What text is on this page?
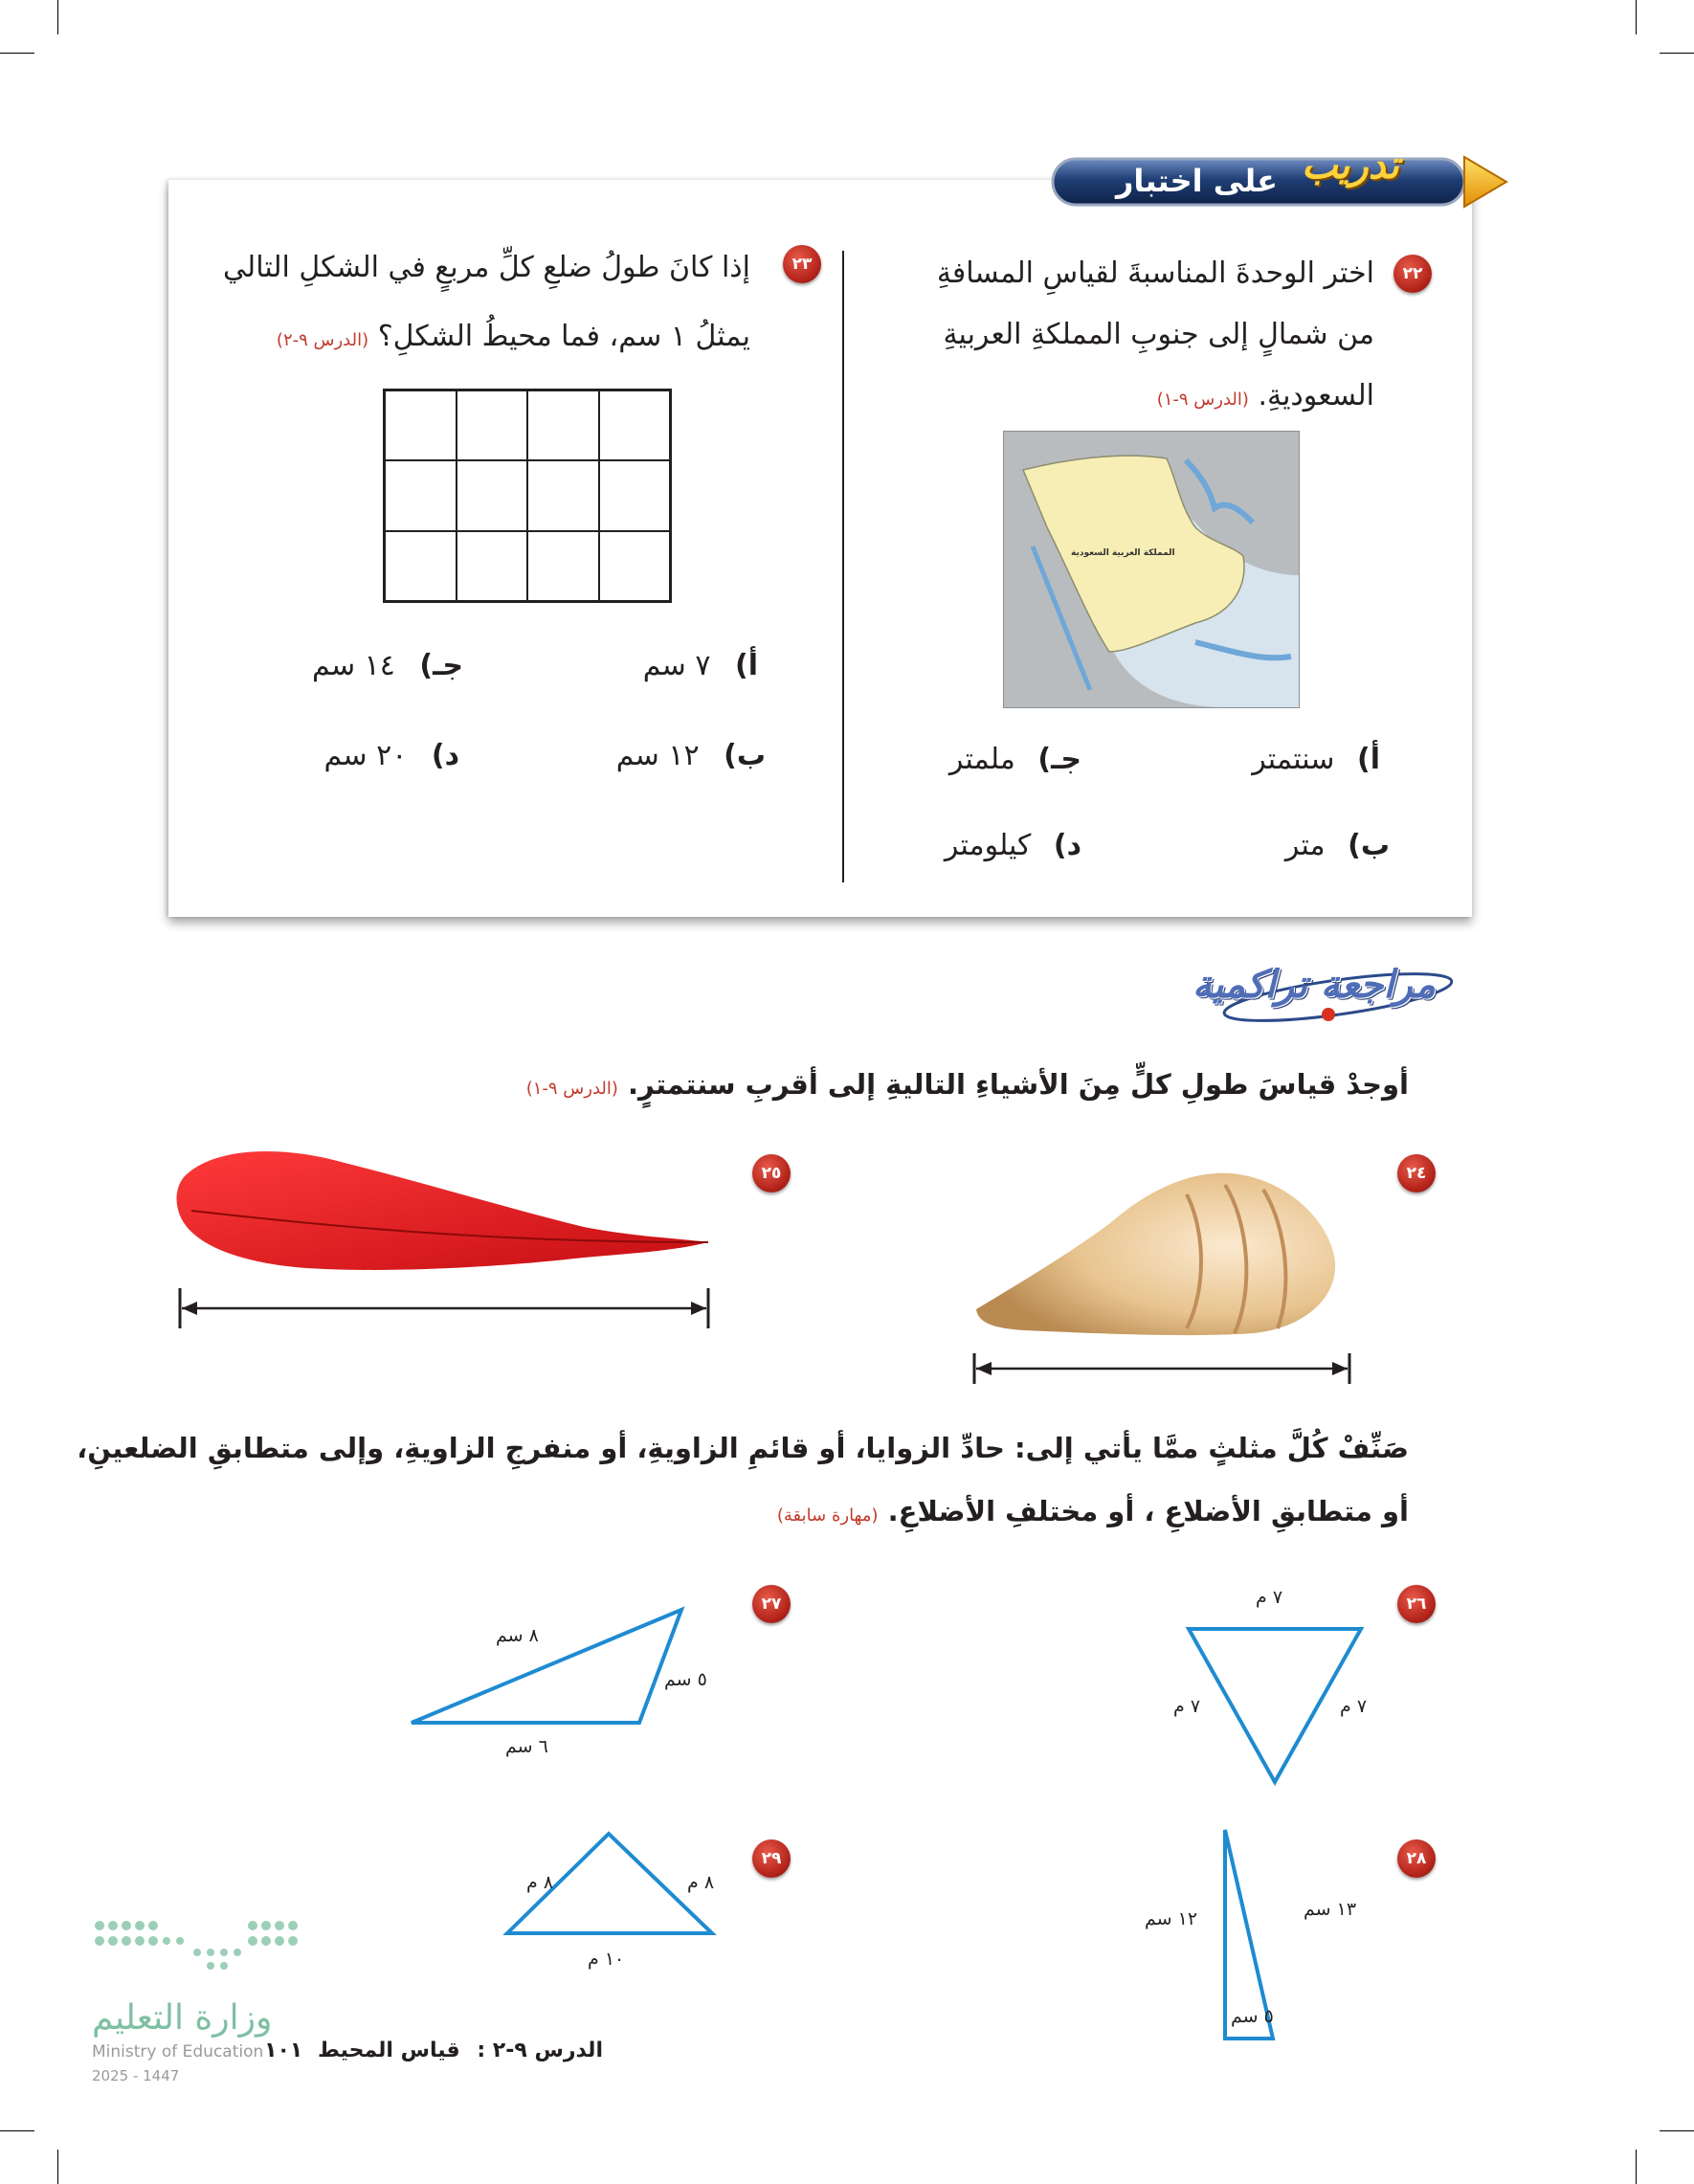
تدريب
على اختبار
٢٢
اختر الوحدةَ المناسبةَ لقياسِ المسافةِ
من شمالٍ إلى جنوبِ المملكةِ العربيةِ
السعوديةِ. (الدرس ٩-١)
المملكة العربية السعودية
أ) سنتمتر
جـ) ملمتر
ب) متر
د) كيلومتر
٢٣
إذا كانَ طولُ ضلعِ كلِّ مربعٍ في الشكلِ التالي
يمثلُ ١ سم، فما محيطُ الشكلِ؟ (الدرس ٩-٢)
أ) ٧ سم
جـ) ١٤ سم
ب) ١٢ سم
د) ٢٠ سم
مراجعة تراكمية
أوجدْ قياسَ طولِ كلٍّ مِنَ الأشياءِ التاليةِ إلى أقربِ سنتمترٍ. (الدرس ٩-١)
٢٤
٢٥
صَنِّفْ كُلَّ مثلثٍ ممَّا يأتي إلى: حادِّ الزوايا، أو قائمِ الزاويةِ، أو منفرجِ الزاويةِ، وإلى متطابقِ الضلعينِ،
أو متطابقِ الأضلاعِ ، أو مختلفِ الأضلاعِ. (مهارة سابقة)
٢٦
٧ م
٧ م	٧ م
٢٧
٨ سم
٥ سم
٦ سم
٢٨
١٢ سم	١٣ سم
٥ سم
٢٩
٨ م	٨ م
١٠ م
وزارة التعليم
Ministry of Education
2025 - 1447
الدرس ٩-٢ : قياس المحيط ١٠١
